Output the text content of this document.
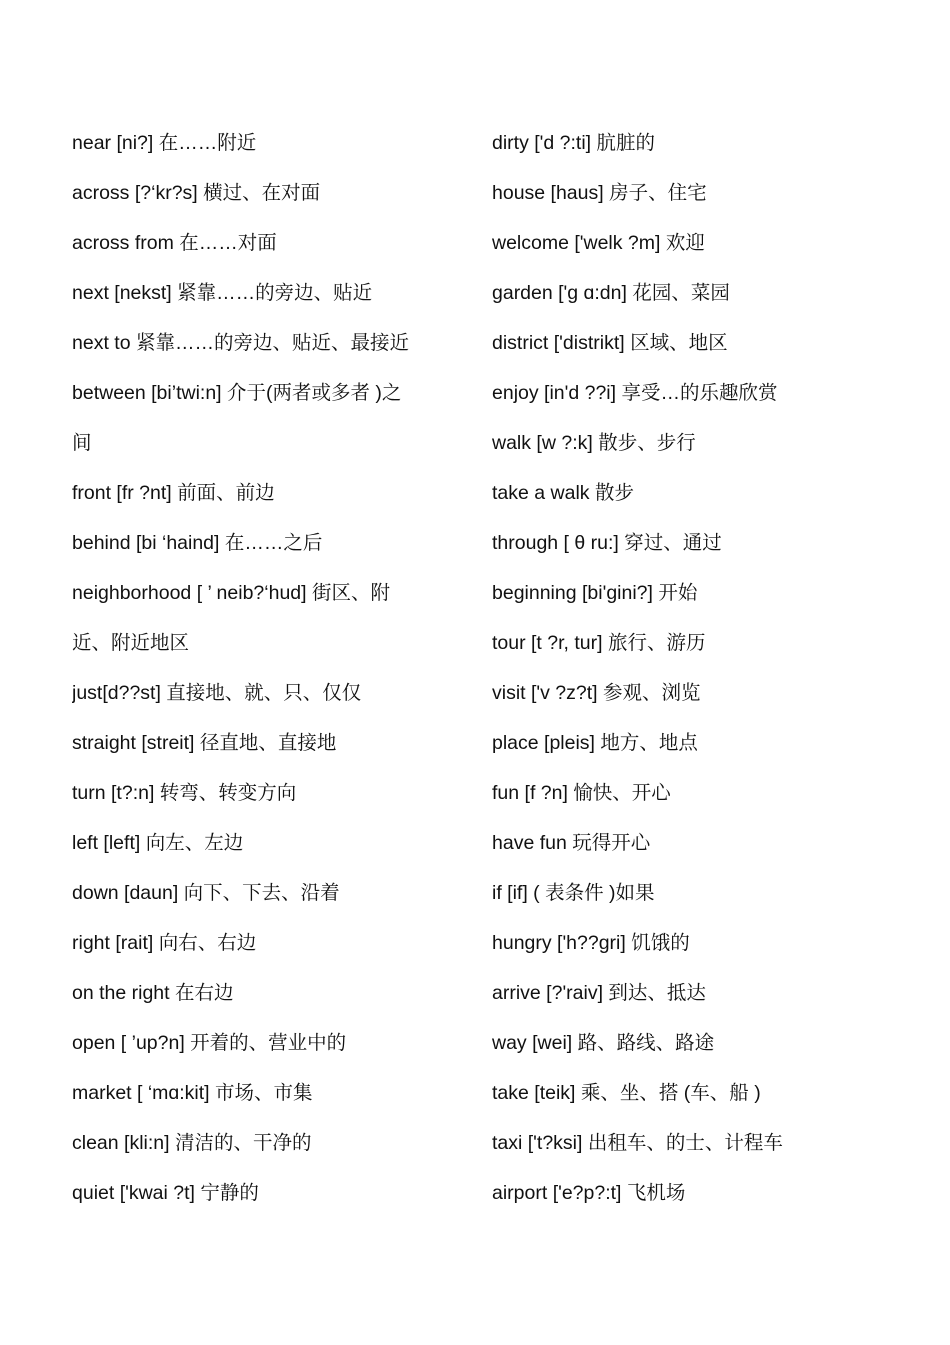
near [ni?] 在……附近
across [?‘kr?s] 横过、在对面
across from 在……对面
next [nekst] 紧靠……的旁边、贴近
next to 紧靠……的旁边、贴近、最接近
between [bi’twi:n] 介于(两者或多者 )之
间
front [fr ?nt] 前面、前边
behind [bi ‘haind] 在……之后
neighborhood [ ’ neib?‘hud] 街区、附
近、附近地区
just[d??st] 直接地、就、只、仅仅
straight [streit] 径直地、直接地
turn [t?:n] 转弯、转变方向
left [left] 向左、左边
down [daun] 向下、下去、沿着
right [rait] 向右、右边
on the right 在右边
open [ ’up?n] 开着的、营业中的
market [ ‘mɑ:kit] 市场、市集
clean [kli:n] 清洁的、干净的
quiet ['kwai ?t] 宁静的
dirty ['d ?:ti] 肮脏的
house [haus] 房子、住宅
welcome ['welk ?m] 欢迎
garden ['ɡ ɑ:dn] 花园、菜园
district ['distrikt] 区域、地区
enjoy [in'd ??i] 享受…的乐趣欣赏
walk [w ?:k] 散步、步行
take a walk 散步
through [ θ ru:] 穿过、通过
beginning [bi'ɡini?] 开始
tour [t ?r, tur] 旅行、游历
visit ['v ?z?t] 参观、浏览
place [pleis] 地方、地点
fun [f ?n] 愉快、开心
have fun 玩得开心
if [if] ( 表条件 )如果
hungry ['h??gri] 饥饿的
arrive [?'raiv] 到达、抵达
way [wei] 路、路线、路途
take [teik] 乘、坐、搭 (车、船 )
taxi ['t?ksi] 出租车、的士、计程车
airport ['e?p?:t] 飞机场
